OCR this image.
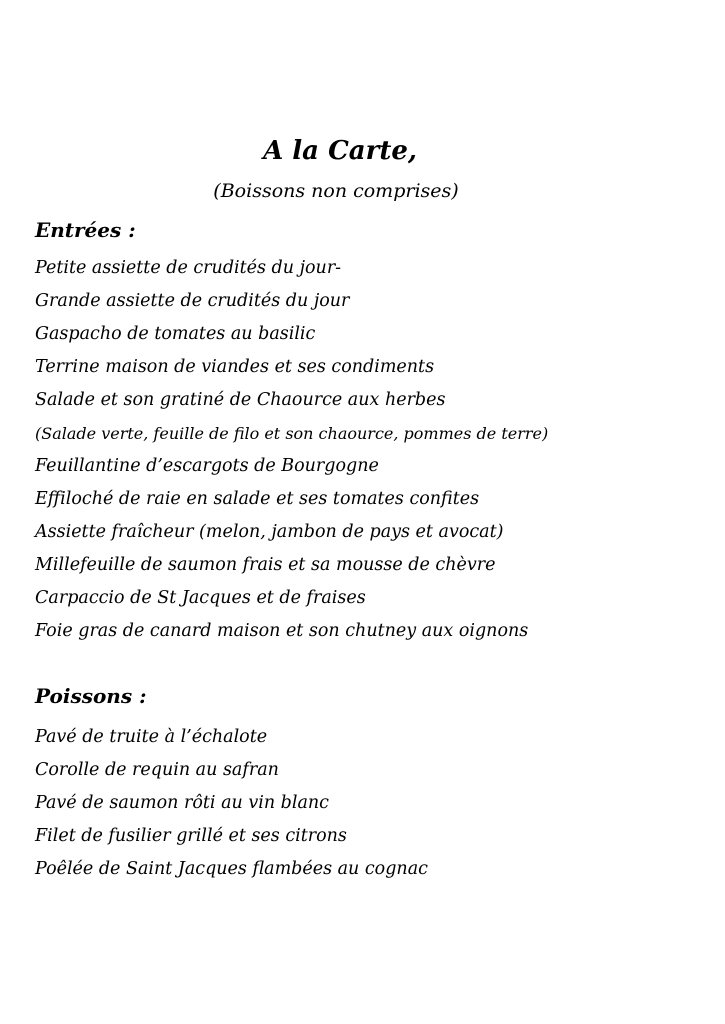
A la Carte,

(Boissons non comprises)

Entrées :
Petite assiette de crudités du jour-
Grande assiette de crudités du jour
Gaspacho de tomates au basilic
Terrine maison de viandes et ses condiments
Salade et son gratiné de Chaource aux herbes
(Salade verte, feuille de filo et son chaource, pommes de terre)
Feuillantine d’escargots de Bourgogne
Effiloché de raie en salade et ses tomates confites
Assiette fraîcheur (melon, jambon de pays et avocat)
Millefeuille de saumon frais et sa mousse de chèvre
Carpaccio de St Jacques et de fraises
Foie gras de canard maison et son chutney aux oignons
Poissons :
Pavé de truite à l’échalote
Corolle de requin au safran
Pavé de saumon rôti au vin blanc
Filet de fusilier grillé et ses citrons
Poêlée de Saint Jacques flambées au cognac
